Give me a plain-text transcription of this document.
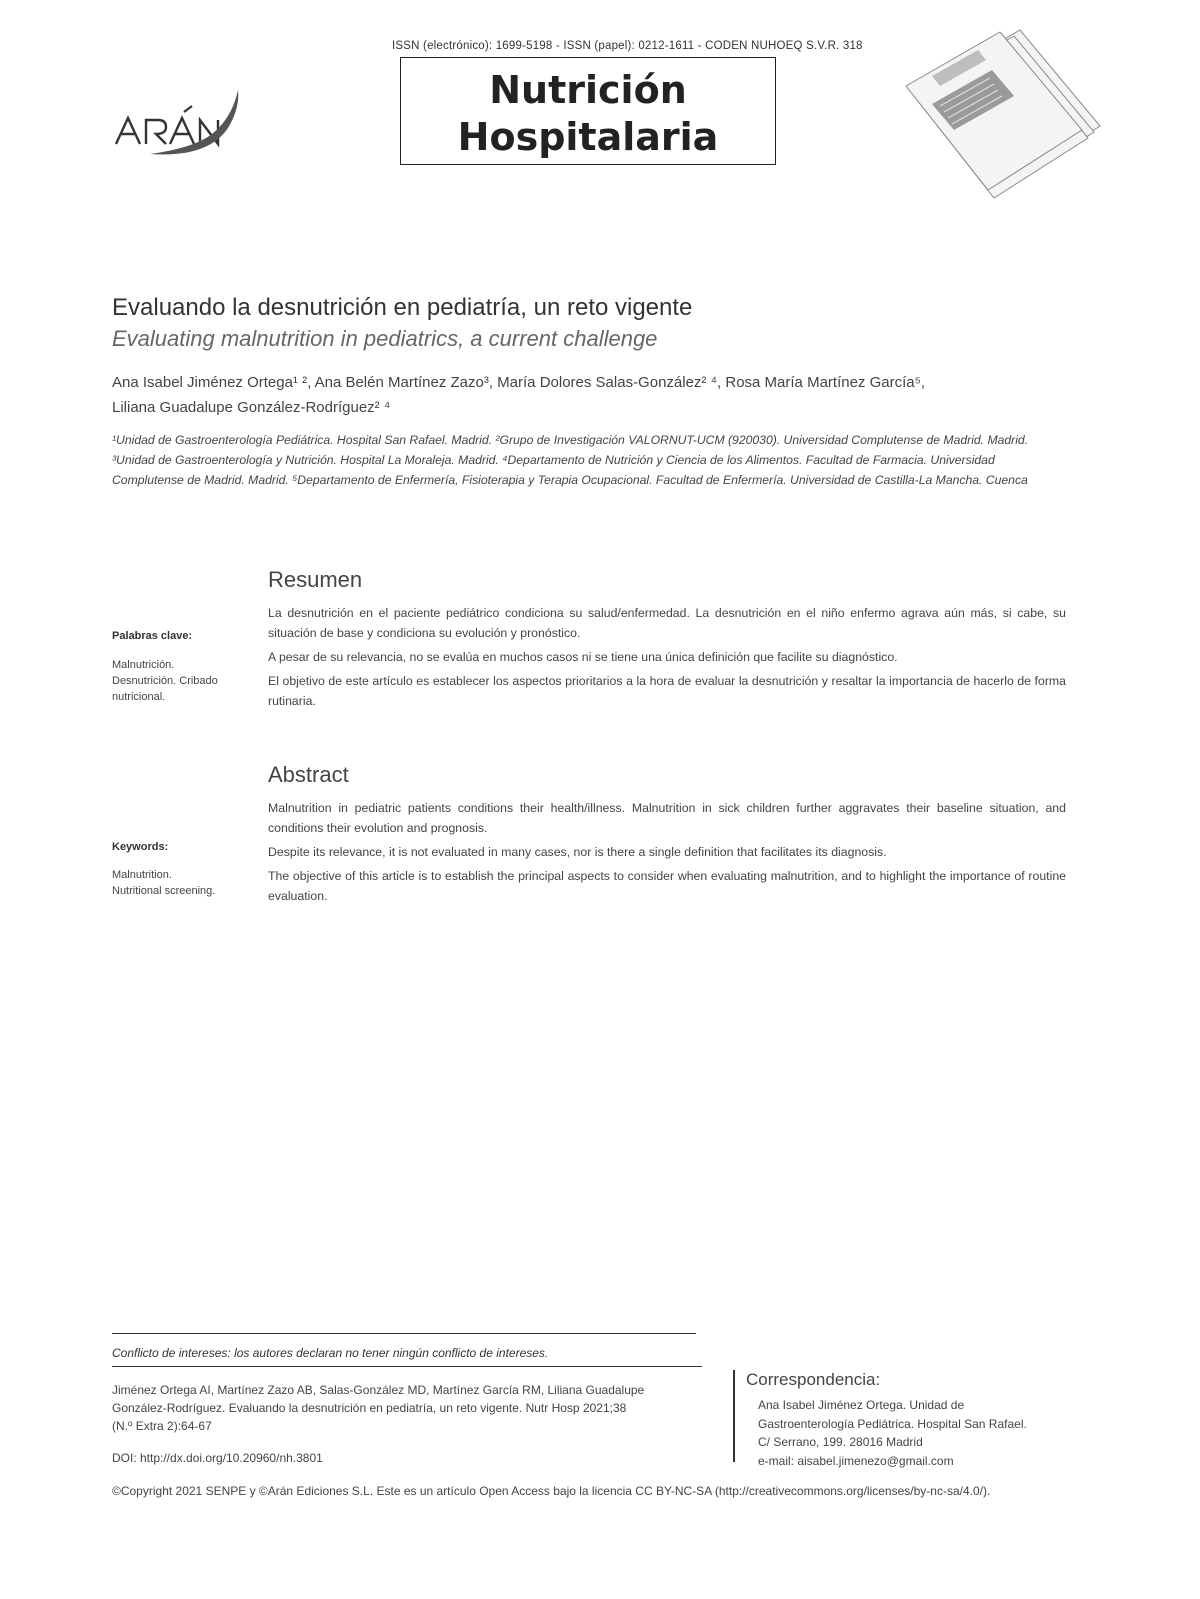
ISSN (electrónico): 1699-5198 - ISSN (papel): 0212-1611 - CODEN NUHOEQ S.V.R. 318
Nutrición
Hospitalaria
Evaluando la desnutrición en pediatría, un reto vigente
Evaluating malnutrition in pediatrics, a current challenge
Ana Isabel Jiménez Ortega¹ ², Ana Belén Martínez Zazo³, María Dolores Salas-González² ⁴, Rosa María Martínez García⁵,
Liliana Guadalupe González-Rodríguez² ⁴
¹Unidad de Gastroenterología Pediátrica. Hospital San Rafael. Madrid. ²Grupo de Investigación VALORNUT-UCM (920030). Universidad Complutense de Madrid. Madrid.
³Unidad de Gastroenterología y Nutrición. Hospital La Moraleja. Madrid. ⁴Departamento de Nutrición y Ciencia de los Alimentos. Facultad de Farmacia. Universidad
Complutense de Madrid. Madrid. ⁵Departamento de Enfermería, Fisioterapia y Terapia Ocupacional. Facultad de Enfermería. Universidad de Castilla-La Mancha. Cuenca
Resumen

La desnutrición en el paciente pediátrico condiciona su salud/enfermedad. La desnutrición en el niño enfermo agrava aún más, si cabe, su situación de base y condiciona su evolución y pronóstico.

A pesar de su relevancia, no se evalúa en muchos casos ni se tiene una única definición que facilite su diagnóstico.

El objetivo de este artículo es establecer los aspectos prioritarios a la hora de evaluar la desnutrición y resaltar la importancia de hacerlo de forma rutinaria.

Palabras clave:
Malnutrición.
Desnutrición. Cribado
nutricional.
Abstract

Malnutrition in pediatric patients conditions their health/illness. Malnutrition in sick children further aggravates their baseline situation, and conditions their evolution and prognosis.

Despite its relevance, it is not evaluated in many cases, nor is there a single definition that facilitates its diagnosis.

The objective of this article is to establish the principal aspects to consider when evaluating malnutrition, and to highlight the importance of routine evaluation.

Keywords:
Malnutrition.
Nutritional screening.
Conflicto de intereses: los autores declaran no tener ningún conflicto de intereses.
Jiménez Ortega AI, Martínez Zazo AB, Salas-González MD, Martínez García RM, Liliana Guadalupe
González-Rodríguez. Evaluando la desnutrición en pediatría, un reto vigente. Nutr Hosp 2021;38
(N.º Extra 2):64-67
DOI: http://dx.doi.org/10.20960/nh.3801
Correspondencia:
Ana Isabel Jiménez Ortega. Unidad de
Gastroenterología Pediátrica. Hospital San Rafael.
C/ Serrano, 199. 28016 Madrid
e-mail: aisabel.jimenezo@gmail.com
©Copyright 2021 SENPE y ©Arán Ediciones S.L. Este es un artículo Open Access bajo la licencia CC BY-NC-SA (http://creativecommons.org/licenses/by-nc-sa/4.0/).
